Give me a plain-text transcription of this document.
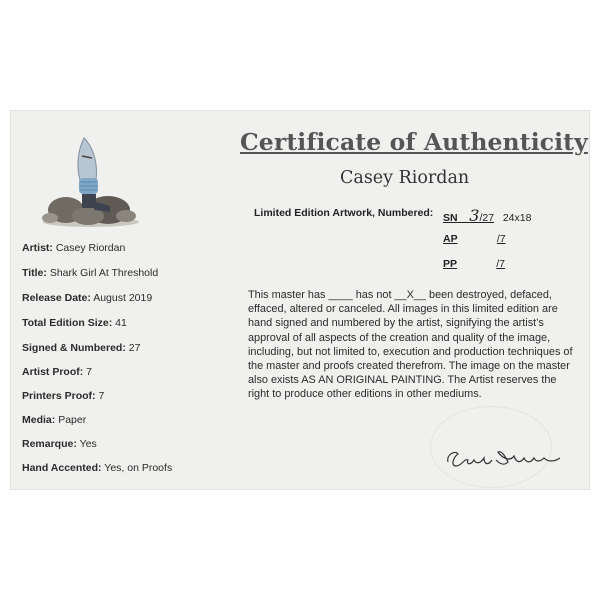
Artist: Casey Riordan
Title: Shark Girl At Threshold
Release Date: August 2019
Total Edition Size: 41
Signed & Numbered: 27
Artist Proof: 7
Printers Proof: 7
Media: Paper
Remarque: Yes
Hand Accented: Yes, on Proofs
Certificate of Authenticity
Casey Riordan
Limited Edition Artwork, Numbered: SN 3/27 24x18
AP	/7
PP	/7
This master has ____ has not __X__ been destroyed, defaced, effaced, altered or canceled. All images in this limited edition are hand signed and numbered by the artist, signifying the artist’s approval of all aspects of the creation and quality of the image, including, but not limited to, execution and production techniques of the master and proofs created therefrom. The image on the master also exists AS AN ORIGINAL PAINTING. The Artist reserves the right to produce other editions in other mediums.
